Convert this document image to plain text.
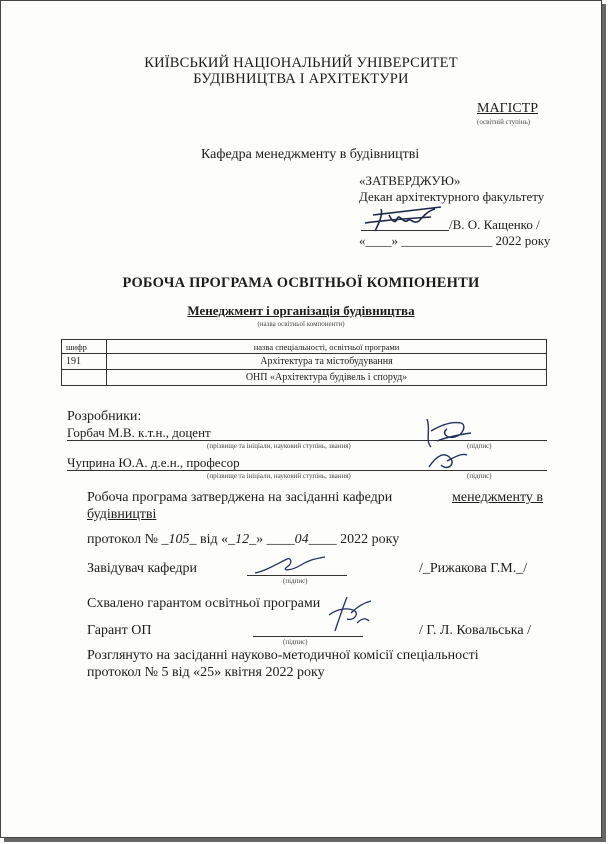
КИЇВСЬКИЙ НАЦІОНАЛЬНИЙ УНІВЕРСИТЕТ
БУДІВНИЦТВА І АРХІТЕКТУРИ
МАГІСТР
(освітній ступінь)
Кафедра менеджменту в будівництві
«ЗАТВЕРДЖУЮ»
Декан архітектурного факультету
/В. О. Кащенко /
«____» ______________ 2022 року
РОБОЧА ПРОГРАМА ОСВІТНЬОЇ КОМПОНЕНТИ
Менеджмент і організація будівництва
(назва освітньої компоненти)
шифр	назва спеціальності, освітньої програми
191	Архітектура та містобудування
	ОНП «Архітектура будівель і споруд»
Розробники:
Горбач М.В. к.т.н., доцент
(прізвище та ініціали, науковий ступінь, звання)	(підпис)
Чуприна Ю.А. д.е.н., професор
(прізвище та ініціали, науковий ступінь, звання)	(підпис)
Робоча програма затверджена на засіданні кафедри	менеджменту в
будівництві
протокол № _105_ від «_12_» ____04____ 2022 року
Завідувач кафедри
(підпис)
/_Рижакова Г.М._/
Схвалено гарантом освітньої програми
Гарант ОП
(підпис)
/ Г. Л. Ковальська /
Розглянуто на засіданні науково-методичної комісії спеціальності
протокол № 5 від «25» квітня 2022 року
